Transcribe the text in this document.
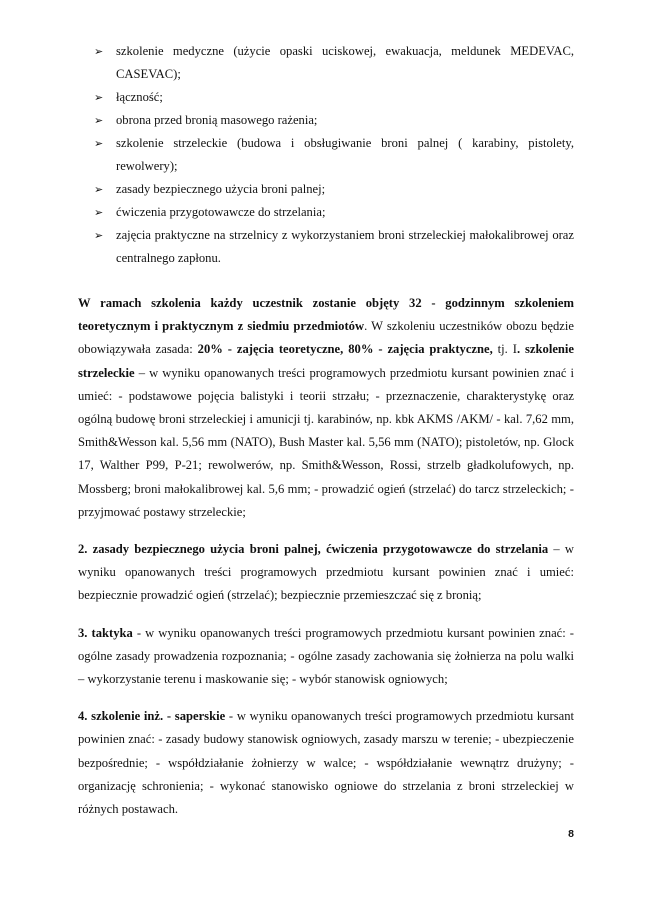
➢ szkolenie medyczne (użycie opaski uciskowej, ewakuacja, meldunek MEDEVAC, CASEVAC);
➢ łączność;
➢ obrona przed bronią masowego rażenia;
➢ szkolenie strzeleckie (budowa i obsługiwanie broni palnej ( karabiny, pistolety, rewolwery);
➢ zasady bezpiecznego użycia broni palnej;
➢ ćwiczenia przygotowawcze do strzelania;
➢ zajęcia praktyczne na strzelnicy z wykorzystaniem broni strzeleckiej małokalibrowej oraz centralnego zapłonu.

W ramach szkolenia każdy uczestnik zostanie objęty 32 - godzinnym szkoleniem teoretycznym i praktycznym z siedmiu przedmiotów. W szkoleniu uczestników obozu będzie obowiązywała zasada: 20% - zajęcia teoretyczne, 80% - zajęcia praktyczne, tj. I. szkolenie strzeleckie – w wyniku opanowanych treści programowych przedmiotu kursant powinien znać i umieć: - podstawowe pojęcia balistyki i teorii strzału; - przeznaczenie, charakterystykę oraz ogólną budowę broni strzeleckiej i amunicji tj. karabinów, np. kbk AKMS /AKM/ - kal. 7,62 mm, Smith&Wesson kal. 5,56 mm (NATO), Bush Master kal. 5,56 mm (NATO); pistoletów, np. Glock 17, Walther P99, P-21; rewolwerów, np. Smith&Wesson, Rossi, strzelb gładkolufowych, np. Mossberg; broni małokalibrowej kal. 5,6 mm; - prowadzić ogień (strzelać) do tarcz strzeleckich; - przyjmować postawy strzeleckie;

2. zasady bezpiecznego użycia broni palnej, ćwiczenia przygotowawcze do strzelania – w wyniku opanowanych treści programowych przedmiotu kursant powinien znać i umieć: bezpiecznie prowadzić ogień (strzelać); bezpiecznie przemieszczać się z bronią;

3. taktyka - w wyniku opanowanych treści programowych przedmiotu kursant powinien znać: - ogólne zasady prowadzenia rozpoznania; - ogólne zasady zachowania się żołnierza na polu walki – wykorzystanie terenu i maskowanie się; - wybór stanowisk ogniowych;

4. szkolenie inż. - saperskie - w wyniku opanowanych treści programowych przedmiotu kursant powinien znać: - zasady budowy stanowisk ogniowych, zasady marszu w terenie; - ubezpieczenie bezpośrednie; - współdziałanie żołnierzy w walce; - współdziałanie wewnątrz drużyny; - organizację schronienia; - wykonać stanowisko ogniowe do strzelania z broni strzeleckiej w różnych postawach.

8
